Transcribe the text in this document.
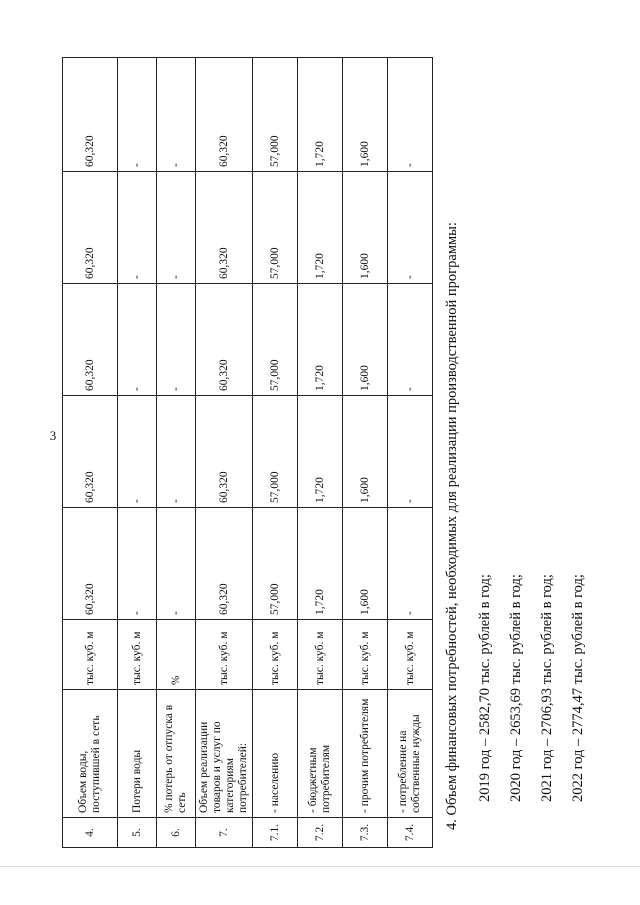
3
4.	Объем воды, поступившей в сеть	тыс. куб. м	60,320	60,320	60,320	60,320	60,320
5.	Потери воды	тыс. куб. м	-	-	-	-	-
6.	% потерь от отпуска в сеть	%	-	-	-	-	-
7.	Объем реализации товаров и услуг по категориям потребителей:	тыс. куб. м	60,320	60,320	60,320	60,320	60,320
7.1.	- населению	тыс. куб. м	57,000	57,000	57,000	57,000	57,000
7.2.	- бюджетным потребителям	тыс. куб. м	1,720	1,720	1,720	1,720	1,720
7.3.	- прочим потребителям	тыс. куб. м	1,600	1,600	1,600	1,600	1,600
7.4.	- потребление на собственные нужды	тыс. куб. м	-	-	-	-	-
4. Объем финансовых потребностей, необходимых для реализации производственной программы: 2019 год – 2582,70 тыс. рублей в год; 2020 год – 2653,69 тыс. рублей в год; 2021 год – 2706,93 тыс. рублей в год; 2022 год – 2774,47 тыс. рублей в год;
